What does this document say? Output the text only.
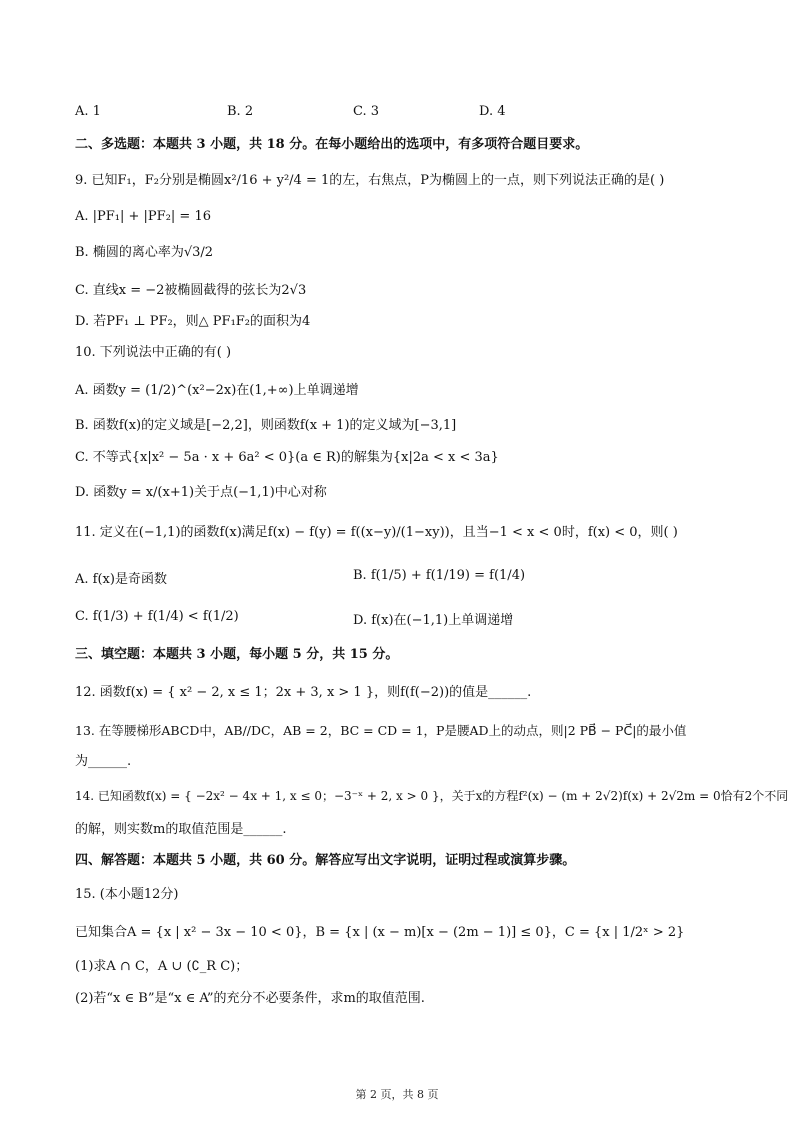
A. 1	B. 2	C. 3	D. 4
二、多选题：本题共 3 小题，共 18 分。在每小题给出的选项中，有多项符合题目要求。
9. 已知F₁，F₂分别是椭圆x²/16 + y²/4 = 1的左，右焦点，P为椭圆上的一点，则下列说法正确的是( )
A. |PF₁| + |PF₂| = 16
B. 椭圆的离心率为√3/2
C. 直线x = −2被椭圆截得的弦长为2√3
D. 若PF₁ ⊥ PF₂，则△ PF₁F₂的面积为4
10. 下列说法中正确的有( )
A. 函数y = (1/2)^(x²−2x)在(1,+∞)上单调递增
B. 函数f(x)的定义域是[−2,2]，则函数f(x + 1)的定义域为[−3,1]
C. 不等式{x|x² − 5a · x + 6a² < 0}(a ∈ R)的解集为{x|2a < x < 3a}
D. 函数y = x/(x+1)关于点(−1,1)中心对称
11. 定义在(−1,1)的函数f(x)满足f(x) − f(y) = f((x−y)/(1−xy))，且当−1 < x < 0时，f(x) < 0，则( )
A. f(x)是奇函数	B. f(1/5) + f(1/19) = f(1/4)
C. f(1/3) + f(1/4) < f(1/2)	D. f(x)在(−1,1)上单调递增
三、填空题：本题共 3 小题，每小题 5 分，共 15 分。
12. 函数f(x) = { x² − 2, x ≤ 1；2x + 3, x > 1 }，则f(f(−2))的值是______.
13. 在等腰梯形ABCD中，AB//DC，AB = 2，BC = CD = 1，P是腰AD上的动点，则|2 PB⃗ − PC⃗|的最小值
为______.
14. 已知函数f(x) = { −2x² − 4x + 1, x ≤ 0；−3⁻ˣ + 2, x > 0 }，关于x的方程f²(x) − (m + 2√2)f(x) + 2√2m = 0恰有2个不同
的解，则实数m的取值范围是______.
四、解答题：本题共 5 小题，共 60 分。解答应写出文字说明，证明过程或演算步骤。
15. (本小题12分)
已知集合A = {x | x² − 3x − 10 < 0}，B = {x | (x − m)[x − (2m − 1)] ≤ 0}，C = {x | 1/2ˣ > 2}
(1)求A ∩ C，A ∪ (∁_R C)；
(2)若“x ∈ B”是“x ∈ A”的充分不必要条件，求m的取值范围.
第 2 页，共 8 页
